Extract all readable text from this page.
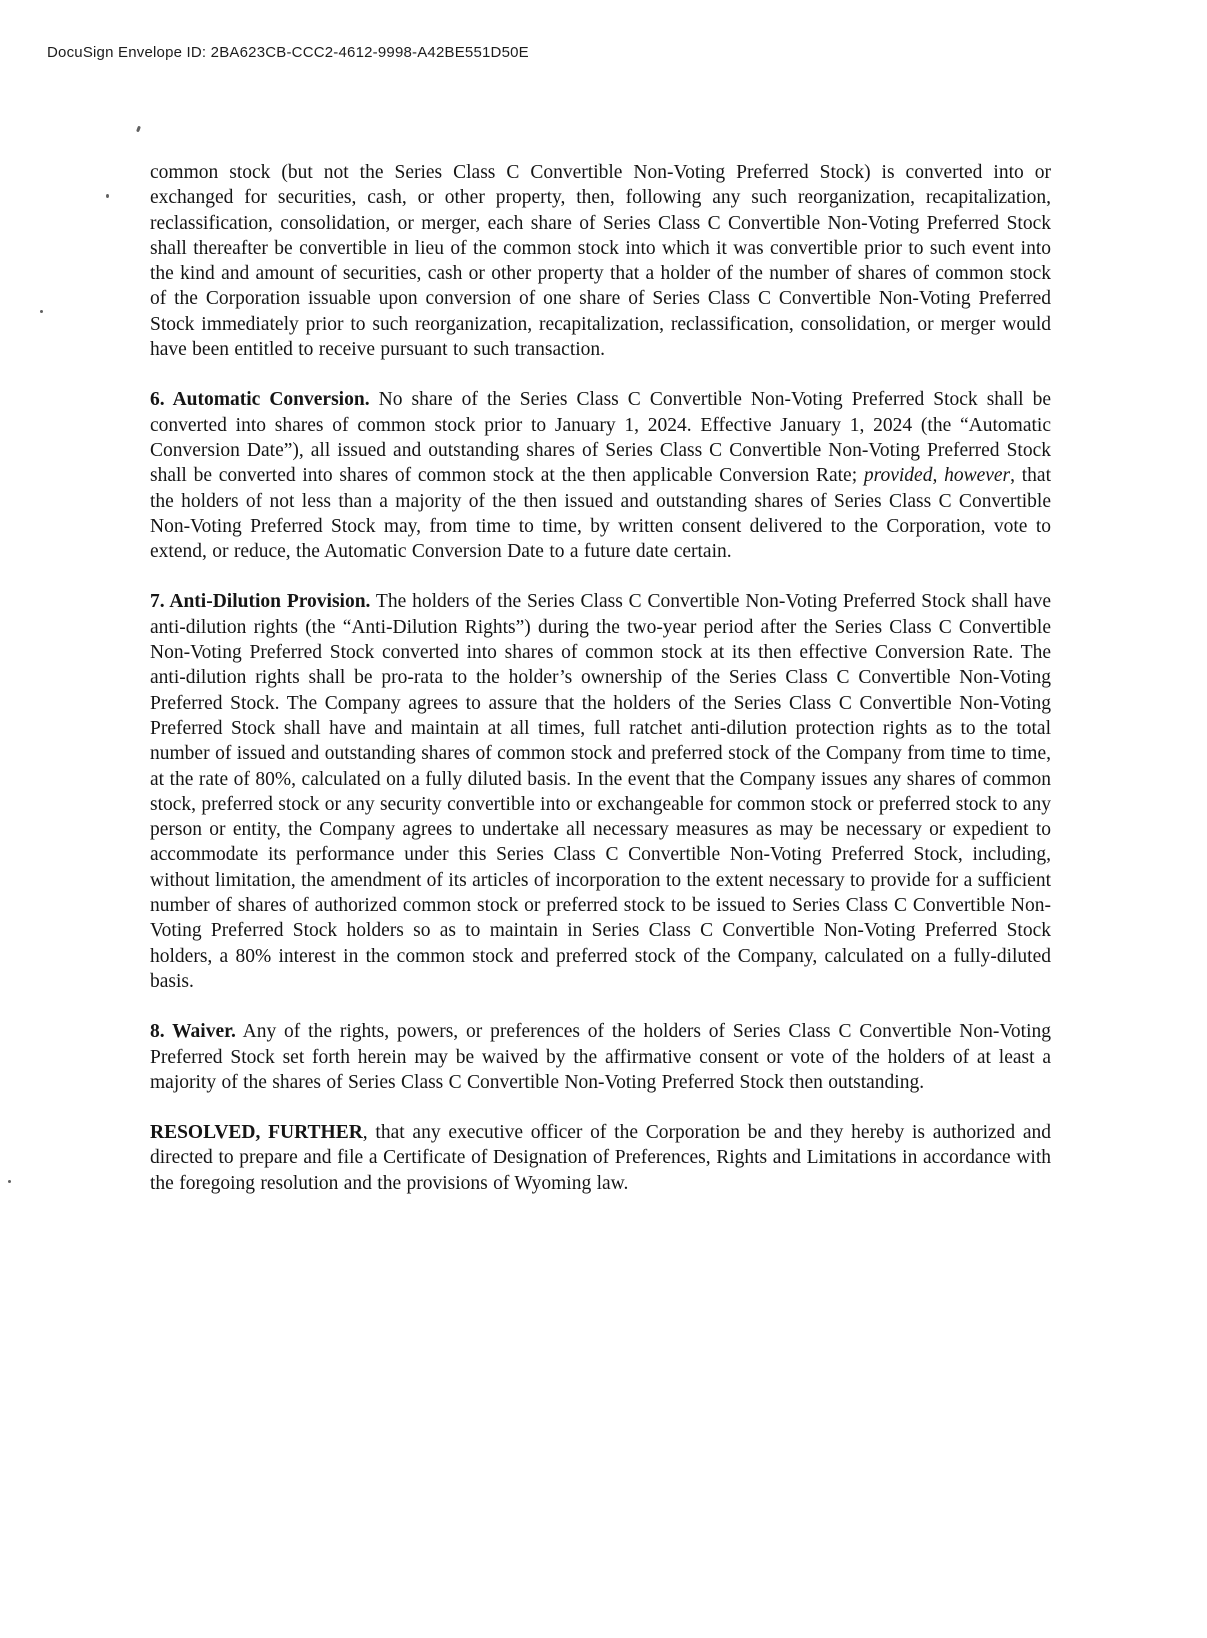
DocuSign Envelope ID: 2BA623CB-CCC2-4612-9998-A42BE551D50E

common stock (but not the Series Class C Convertible Non-Voting Preferred Stock) is converted into or exchanged for securities, cash, or other property, then, following any such reorganization, recapitalization, reclassification, consolidation, or merger, each share of Series Class C Convertible Non-Voting Preferred Stock shall thereafter be convertible in lieu of the common stock into which it was convertible prior to such event into the kind and amount of securities, cash or other property that a holder of the number of shares of common stock of the Corporation issuable upon conversion of one share of Series Class C Convertible Non-Voting Preferred Stock immediately prior to such reorganization, recapitalization, reclassification, consolidation, or merger would have been entitled to receive pursuant to such transaction.

6. Automatic Conversion. No share of the Series Class C Convertible Non-Voting Preferred Stock shall be converted into shares of common stock prior to January 1, 2024. Effective January 1, 2024 (the “Automatic Conversion Date”), all issued and outstanding shares of Series Class C Convertible Non-Voting Preferred Stock shall be converted into shares of common stock at the then applicable Conversion Rate; provided, however, that the holders of not less than a majority of the then issued and outstanding shares of Series Class C Convertible Non-Voting Preferred Stock may, from time to time, by written consent delivered to the Corporation, vote to extend, or reduce, the Automatic Conversion Date to a future date certain.

7. Anti-Dilution Provision. The holders of the Series Class C Convertible Non-Voting Preferred Stock shall have anti-dilution rights (the “Anti-Dilution Rights”) during the two-year period after the Series Class C Convertible Non-Voting Preferred Stock converted into shares of common stock at its then effective Conversion Rate. The anti-dilution rights shall be pro-rata to the holder’s ownership of the Series Class C Convertible Non-Voting Preferred Stock. The Company agrees to assure that the holders of the Series Class C Convertible Non-Voting Preferred Stock shall have and maintain at all times, full ratchet anti-dilution protection rights as to the total number of issued and outstanding shares of common stock and preferred stock of the Company from time to time, at the rate of 80%, calculated on a fully diluted basis. In the event that the Company issues any shares of common stock, preferred stock or any security convertible into or exchangeable for common stock or preferred stock to any person or entity, the Company agrees to undertake all necessary measures as may be necessary or expedient to accommodate its performance under this Series Class C Convertible Non-Voting Preferred Stock, including, without limitation, the amendment of its articles of incorporation to the extent necessary to provide for a sufficient number of shares of authorized common stock or preferred stock to be issued to Series Class C Convertible Non-Voting Preferred Stock holders so as to maintain in Series Class C Convertible Non-Voting Preferred Stock holders, a 80% interest in the common stock and preferred stock of the Company, calculated on a fully-diluted basis.

8. Waiver. Any of the rights, powers, or preferences of the holders of Series Class C Convertible Non-Voting Preferred Stock set forth herein may be waived by the affirmative consent or vote of the holders of at least a majority of the shares of Series Class C Convertible Non-Voting Preferred Stock then outstanding.

RESOLVED, FURTHER, that any executive officer of the Corporation be and they hereby is authorized and directed to prepare and file a Certificate of Designation of Preferences, Rights and Limitations in accordance with the foregoing resolution and the provisions of Wyoming law.
